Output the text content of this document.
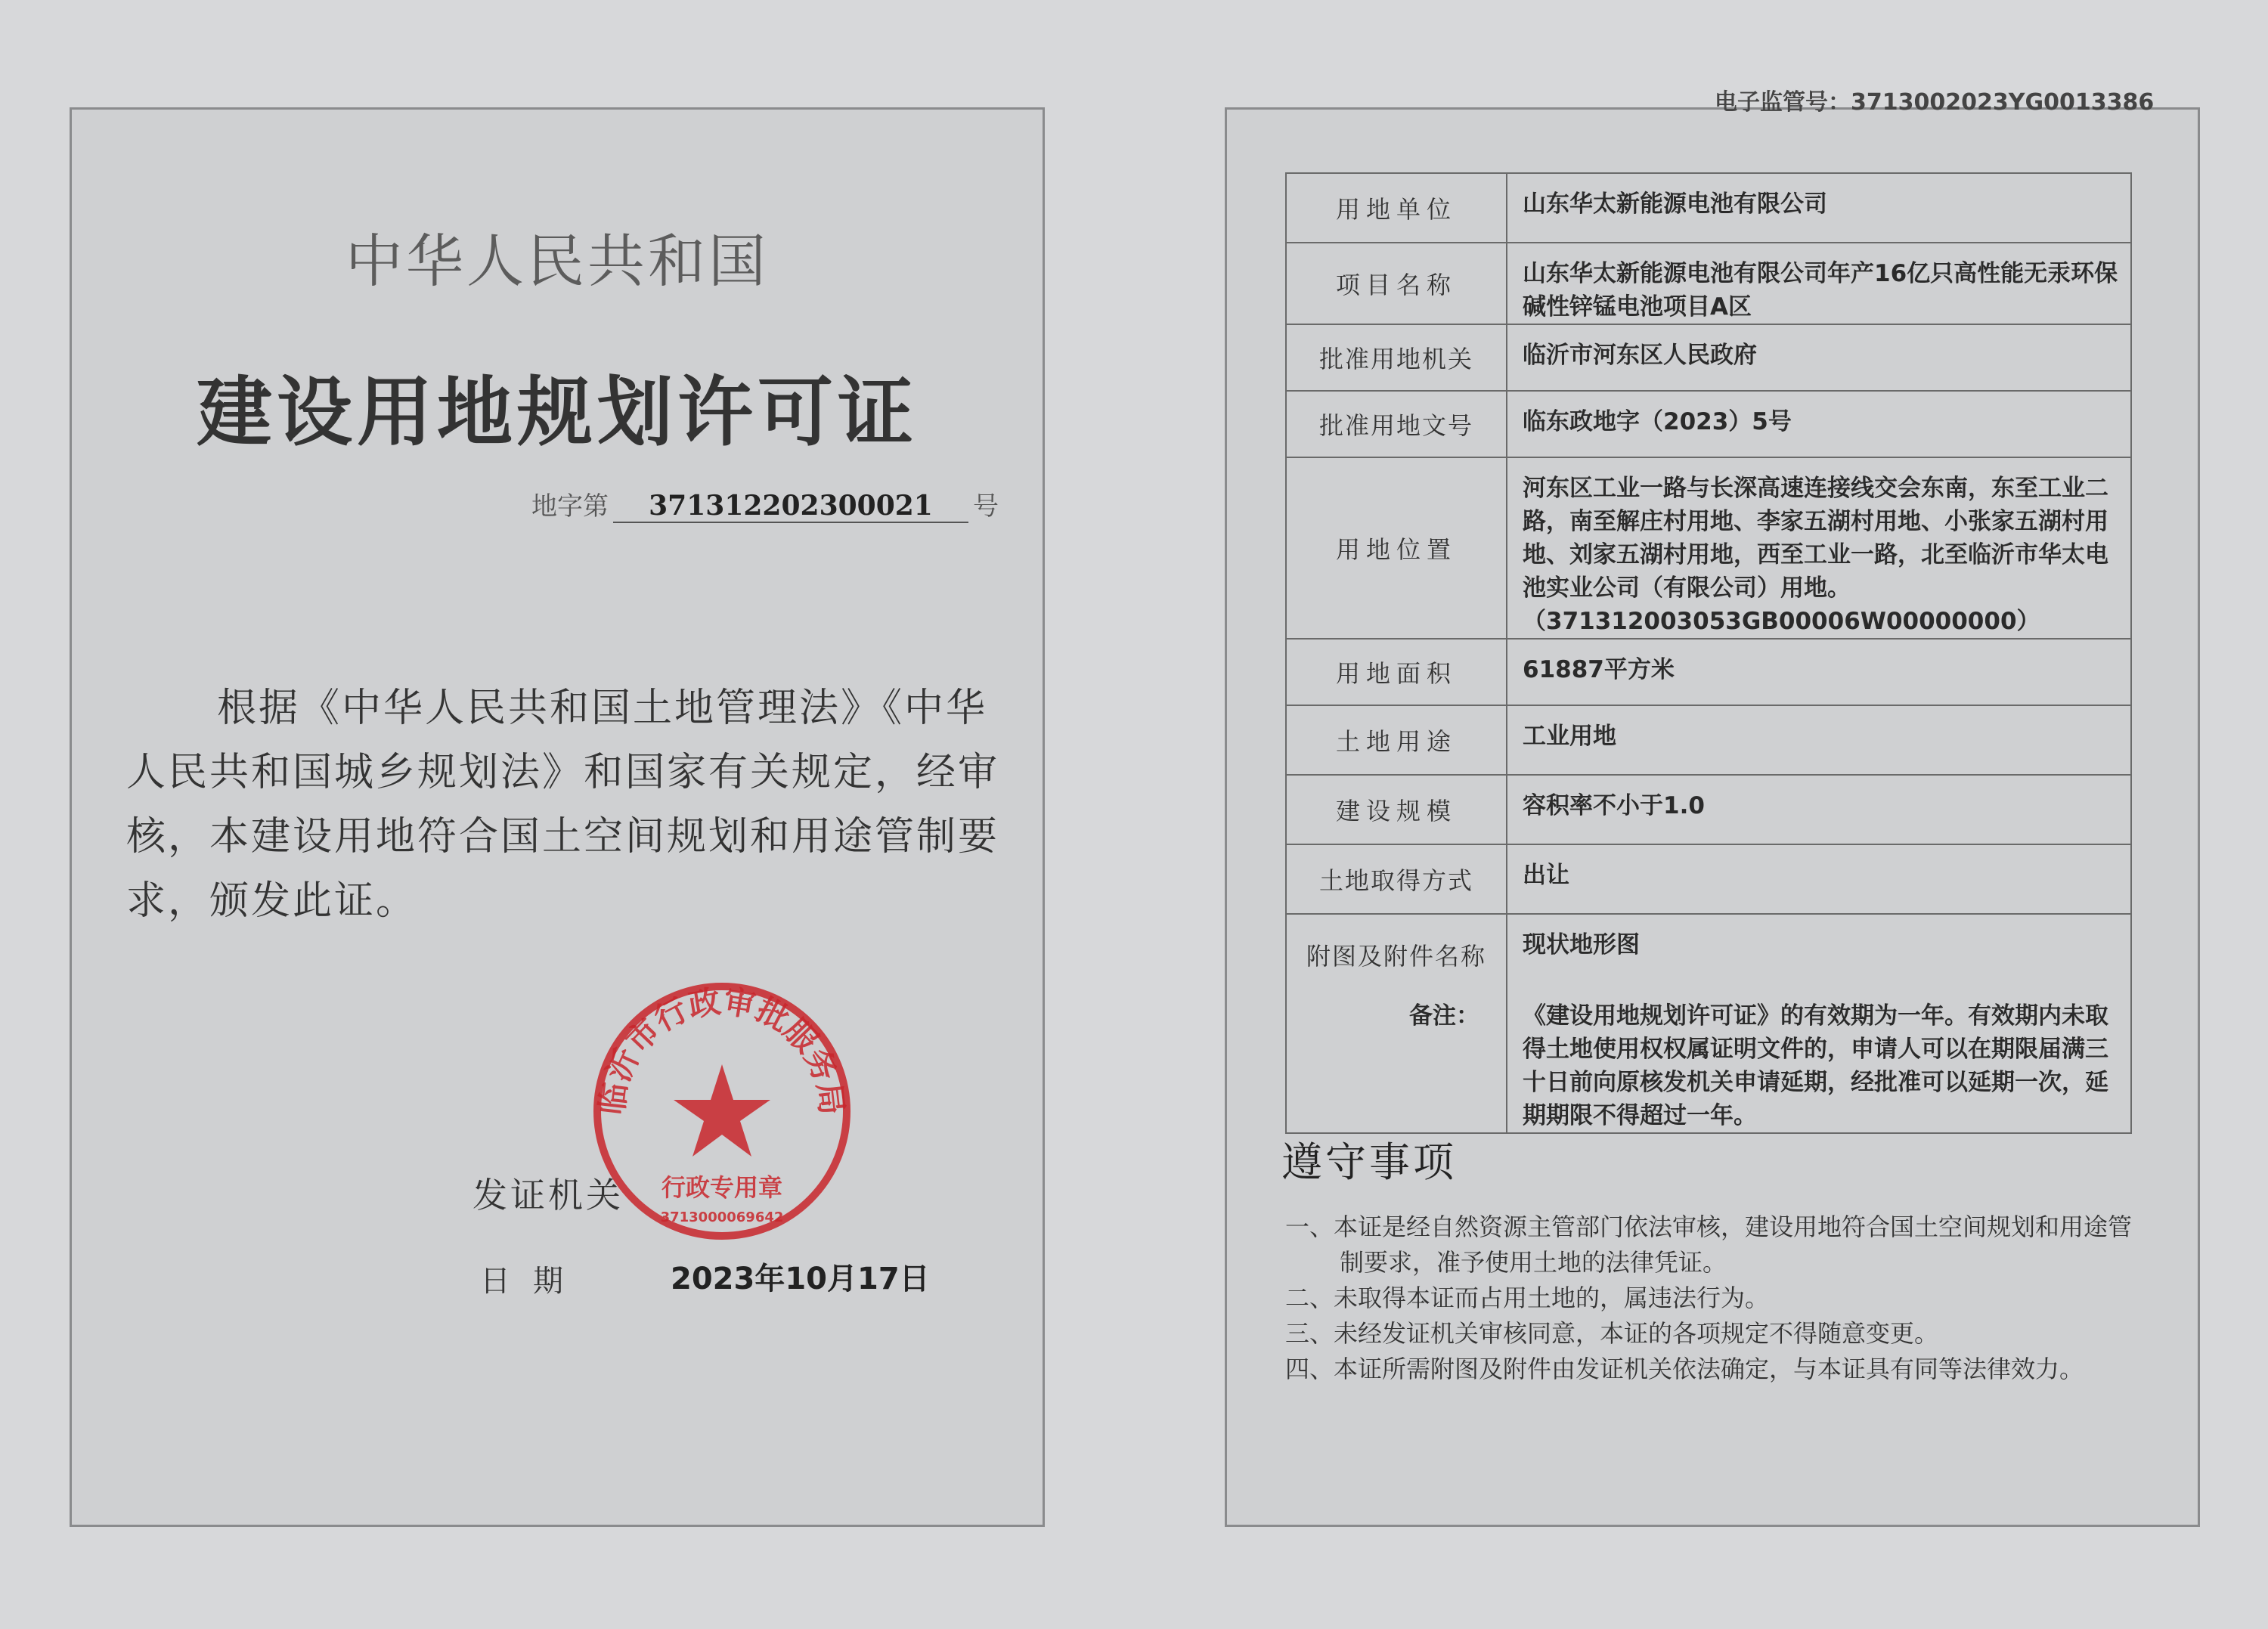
中华人民共和国
建设用地规划许可证
地字第 371312202300021 号
根据《中华人民共和国土地管理法》《中华人民共和国城乡规划法》和国家有关规定，经审核，本建设用地符合国土空间规划和用途管制要求，颁发此证。
发证机关
日期
临沂市行政审批服务局
行政专用章
3713000069642
2023年10月17日
电子监管号：3713002023YG0013386
用地单位	山东华太新能源电池有限公司
项目名称	山东华太新能源电池有限公司年产16亿只高性能无汞环保碱性锌锰电池项目A区
批准用地机关	临沂市河东区人民政府
批准用地文号	临东政地字（2023）5号
用地位置	河东区工业一路与长深高速连接线交会东南，东至工业二路，南至解庄村用地、李家五湖村用地、小张家五湖村用地、刘家五湖村用地，西至工业一路，北至临沂市华太电池实业公司（有限公司）用地。（371312003053GB00006W00000000）
用地面积	61887平方米
土地用途	工业用地
建设规模	容积率不小于1.0
土地取得方式	出让
附图及附件名称	现状地形图
备注： 《建设用地规划许可证》的有效期为一年。有效期内未取得土地使用权权属证明文件的，申请人可以在期限届满三十日前向原核发机关申请延期，经批准可以延期一次，延期期限不得超过一年。
遵守事项
一、本证是经自然资源主管部门依法审核，建设用地符合国土空间规划和用途管制要求，准予使用土地的法律凭证。
二、未取得本证而占用土地的，属违法行为。
三、未经发证机关审核同意，本证的各项规定不得随意变更。
四、本证所需附图及附件由发证机关依法确定，与本证具有同等法律效力。
